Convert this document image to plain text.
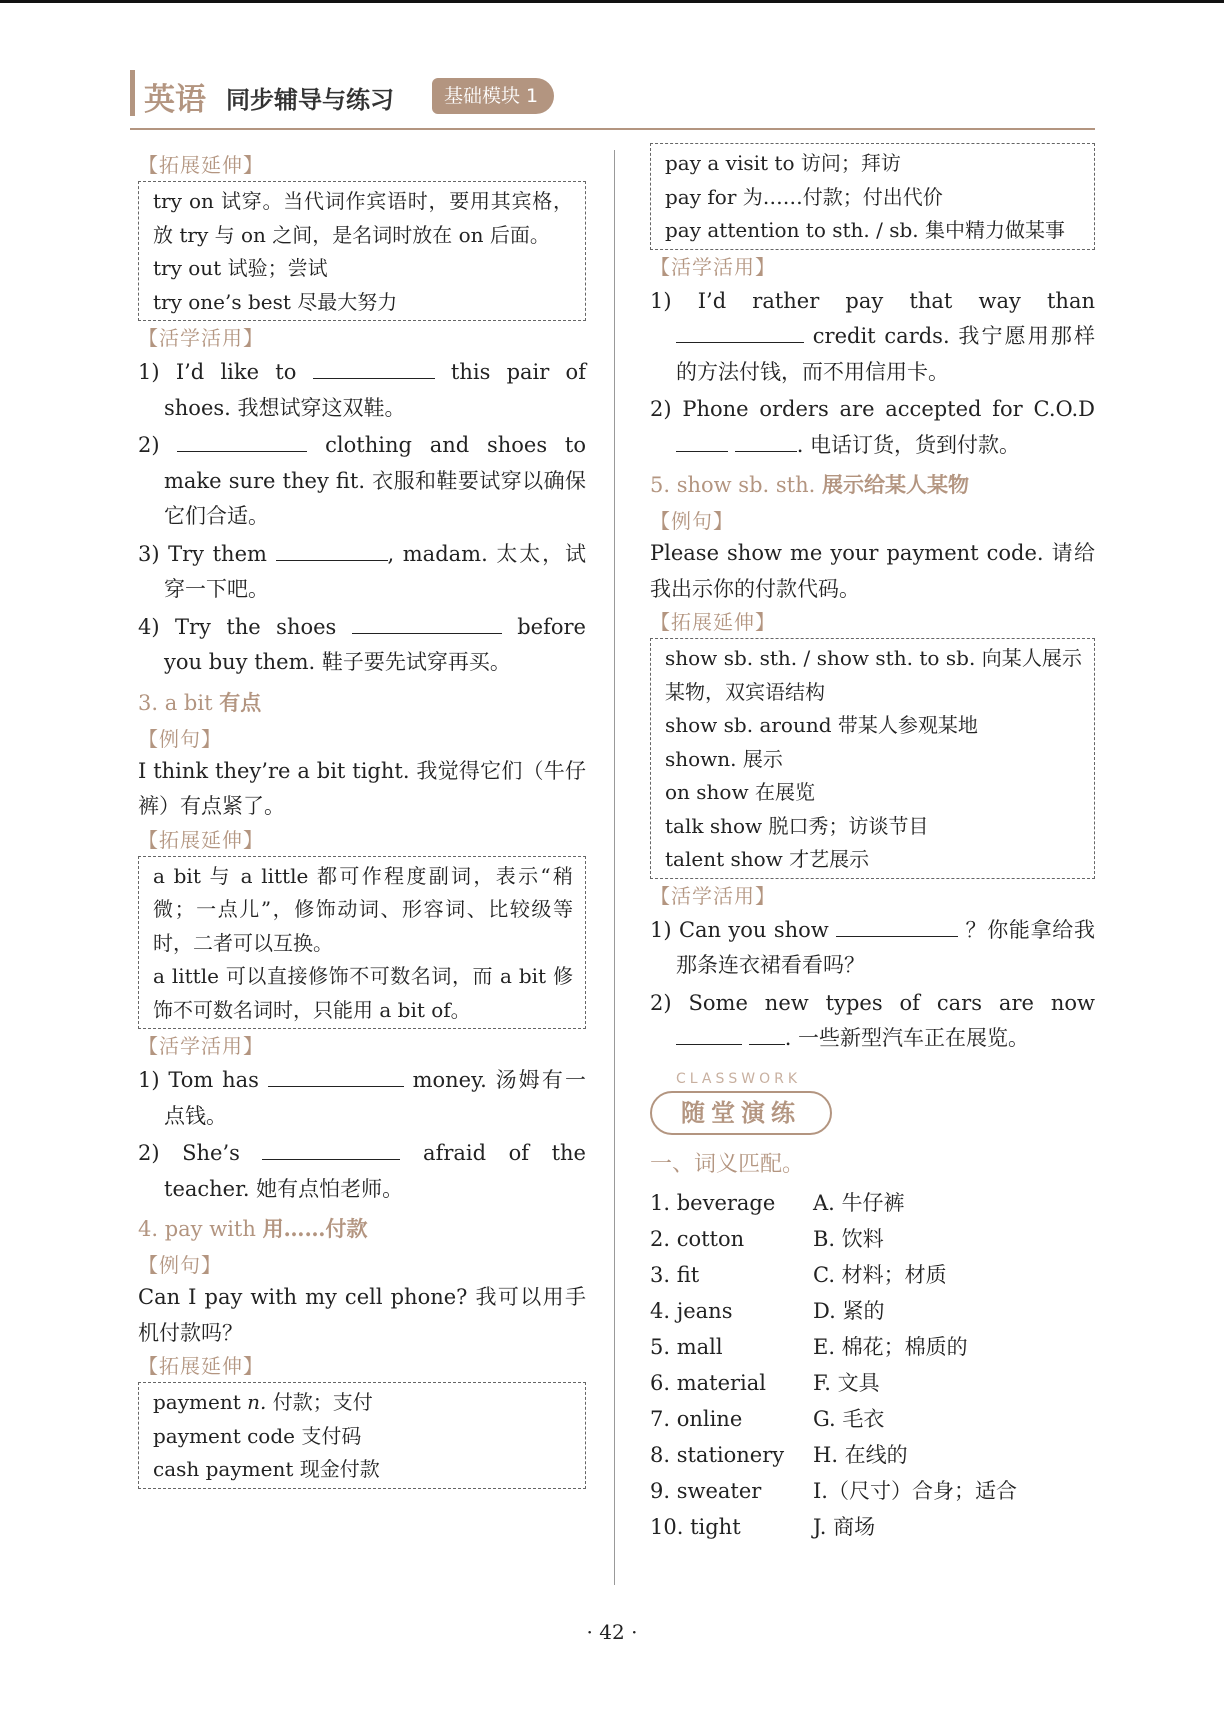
英语 同步辅导与练习	基础模块 1
【拓展延伸】
try on 试穿。当代词作宾语时，要用其宾格，放 try 与 on 之间，是名词时放在 on 后面。
try out 试验；尝试
try one’s best 尽最大努力
【活学活用】
1) I’d like to	this pair of shoes. 我想试穿这双鞋。
2)	clothing and shoes to make sure they fit. 衣服和鞋要试穿以确保它们合适。
3) Try them	, madam. 太太，试穿一下吧。
4) Try the shoes	before you buy them. 鞋子要先试穿再买。
3. a bit 有点
【例句】
I think they’re a bit tight. 我觉得它们（牛仔裤）有点紧了。
【拓展延伸】
a bit 与 a little 都可作程度副词，表示“稍微；一点儿”，修饰动词、形容词、比较级等时，二者可以互换。
a little 可以直接修饰不可数名词，而 a bit 修饰不可数名词时，只能用 a bit of。
【活学活用】
1) Tom has	money. 汤姆有一点钱。
2) She’s	afraid of the teacher. 她有点怕老师。
4. pay with 用……付款
【例句】
Can I pay with my cell phone? 我可以用手机付款吗？
【拓展延伸】
payment n. 付款；支付
payment code 支付码
cash payment 现金付款
pay a visit to 访问；拜访
pay for 为……付款；付出代价
pay attention to sth. / sb. 集中精力做某事
【活学活用】
1) I’d rather pay that way than  credit cards. 我宁愿用那样的方法付钱，而不用信用卡。
2) Phone orders are accepted for C.O.D  . 电话订货，货到付款。
5. show sb. sth. 展示给某人某物
【例句】
Please show me your payment code. 请给我出示你的付款代码。
【拓展延伸】
show sb. sth. / show sth. to sb. 向某人展示某物，双宾语结构
show sb. around 带某人参观某地
shown. 展示
on show 在展览
talk show 脱口秀；访谈节目
talent show 才艺展示
【活学活用】
1) Can you show	？你能拿给我那条连衣裙看看吗？
2) Some new types of cars are now  . 一些新型汽车正在展览。
CLASSWORK
随堂演练
一、词义匹配。
1. beverage A. 牛仔裤
2. cotton	B. 饮料
3. fit	C. 材料；材质
4. jeans	D. 紧的
5. mall	E. 棉花；棉质的
6. material F. 文具
7. online	G. 毛衣
8. stationery H. 在线的
9. sweater I.（尺寸）合身；适合
10. tight	J. 商场
· 42 ·
